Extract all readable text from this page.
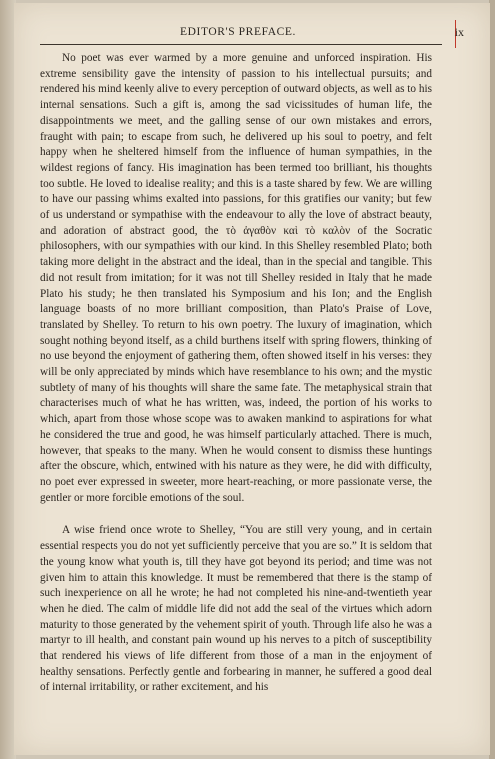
EDITOR'S PREFACE.	ix

No poet was ever warmed by a more genuine and unforced inspiration. His extreme sensibility gave the intensity of passion to his intellectual pursuits; and rendered his mind keenly alive to every perception of outward objects, as well as to his internal sensations. Such a gift is, among the sad vicissitudes of human life, the disappointments we meet, and the galling sense of our own mistakes and errors, fraught with pain; to escape from such, he delivered up his soul to poetry, and felt happy when he sheltered himself from the influence of human sympathies, in the wildest regions of fancy. His imagination has been termed too brilliant, his thoughts too subtle. He loved to idealise reality; and this is a taste shared by few. We are willing to have our passing whims exalted into passions, for this gratifies our vanity; but few of us understand or sympathise with the endeavour to ally the love of abstract beauty, and adoration of abstract good, the τὸ ἀγαθὸν καὶ τὸ καλὸν of the Socratic philosophers, with our sympathies with our kind. In this Shelley resembled Plato; both taking more delight in the abstract and the ideal, than in the special and tangible. This did not result from imitation; for it was not till Shelley resided in Italy that he made Plato his study; he then translated his Symposium and his Ion; and the English language boasts of no more brilliant composition, than Plato's Praise of Love, translated by Shelley. To return to his own poetry. The luxury of imagination, which sought nothing beyond itself, as a child burthens itself with spring flowers, thinking of no use beyond the enjoyment of gathering them, often showed itself in his verses: they will be only appreciated by minds which have resemblance to his own; and the mystic subtlety of many of his thoughts will share the same fate. The metaphysical strain that characterises much of what he has written, was, indeed, the portion of his works to which, apart from those whose scope was to awaken mankind to aspirations for what he considered the true and good, he was himself particularly attached. There is much, however, that speaks to the many. When he would consent to dismiss these huntings after the obscure, which, entwined with his nature as they were, he did with difficulty, no poet ever expressed in sweeter, more heart-reaching, or more passionate verse, the gentler or more forcible emotions of the soul.

A wise friend once wrote to Shelley, “You are still very young, and in certain essential respects you do not yet sufficiently perceive that you are so.” It is seldom that the young know what youth is, till they have got beyond its period; and time was not given him to attain this knowledge. It must be remembered that there is the stamp of such inexperience on all he wrote; he had not completed his nine-and-twentieth year when he died. The calm of middle life did not add the seal of the virtues which adorn maturity to those generated by the vehement spirit of youth. Through life also he was a martyr to ill health, and constant pain wound up his nerves to a pitch of susceptibility that rendered his views of life different from those of a man in the enjoyment of healthy sensations. Perfectly gentle and forbearing in manner, he suffered a good deal of internal irritability, or rather excitement, and his
